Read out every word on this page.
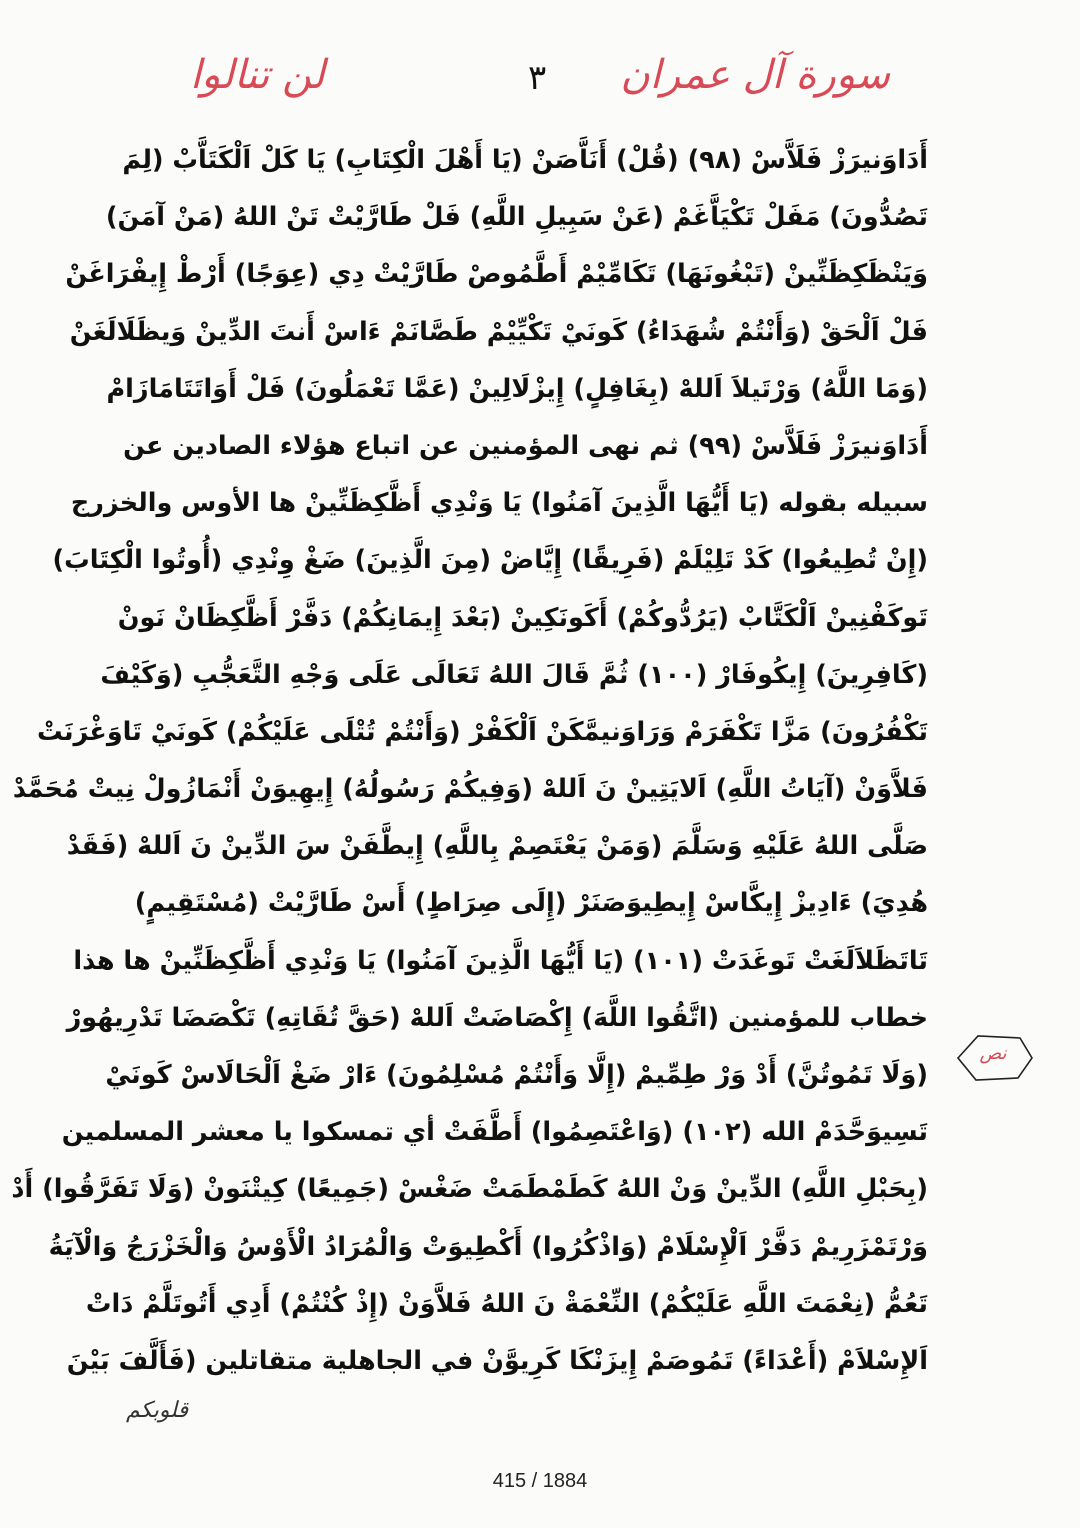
سورة آل عمران
٣
لن تنالوا
أَدَاوَنيرَزْ فَلَاَّسْ (٩٨) (قُلْ) أَنَاَّصَنْ (يَا أَهْلَ الْكِتَابِ) يَا كَلْ اَلْكَتَاَّبْ (لِمَ
تَصُدُّونَ) مَفَلْ تَكْيَاَّغَمْ (عَنْ سَبِيلِ اللَّهِ) فَلْ طَارَّيْتْ تَنْ اللهُ (مَنْ آمَنَ)
وَيَنْظَكِظَنِّينْ (تَبْغُونَهَا) تَكَامِّيْمْ أَطَّمُوصْ طَارَّيْتْ دِي (عِوَجًا) أَرْطْ إِيفْرَاغَنْ
فَلْ اَلْحَقْ (وَأَنْتُمْ شُهَدَاءُ) كَونَيْ تَكْيِّيْمْ طَصَّانَمْ ءَاسْ أَنتَ الدِّينْ وَيظَلَالَغَنْ
(وَمَا اللَّهُ) وَرْتَيلاَ اَللهْ (بِغَافِلٍ) إِيزْلَالِينْ (عَمَّا تَعْمَلُونَ) فَلْ أَوَاتَتَامَازَامْ
أَدَاوَنيرَزْ فَلَاَّسْ (٩٩) ثم نهى المؤمنين عن اتباع هؤلاء الصادين عن
سبيله بقوله (يَا أَيُّهَا الَّذِينَ آمَنُوا) يَا وَنْدِي أَظَّكِظَنِّينْ ها الأوس والخزرج
(إِنْ تُطِيعُوا) كَدْ تَلِيْلَمْ (فَرِيقًا) إِيَّاضْ (مِنَ الَّذِينَ) ضَغْ وِنْدِي (أُوتُوا الْكِتَابَ)
تَوكَفْنِينْ اَلْكَتَّابْ (يَرُدُّوكُمْ) أَكَونَكِينْ (بَعْدَ إِيمَانِكُمْ) دَفَّرْ أَظَّكِظَانْ نَونْ
(كَافِرِينَ) إِيكُوفَارْ (١٠٠) ثُمَّ قَالَ اللهُ تَعَالَى عَلَى وَجْهِ التَّعَجُّبِ (وَكَيْفَ
تَكْفُرُونَ) مَزَّا تَكْفَرَمْ وَرَاوَنيمَّكَنْ اَلْكَفْرْ (وَأَنْتُمْ تُتْلَى عَلَيْكُمْ) كَونَيْ تَاوَغْرَنَتْ
فَلاَّوَنْ (آيَاتُ اللَّهِ) اَلايَتِينْ نَ اَللهْ (وَفِيكُمْ رَسُولُهُ) إِيهِيوَنْ أَنْمَازُولْ نِيتْ مُحَمَّدْ
صَلَّى اللهُ عَلَيْهِ وَسَلَّمَ (وَمَنْ يَعْتَصِمْ بِاللَّهِ) إِيطَّفَنْ سَ الدِّينْ نَ اَللهْ (فَقَدْ
هُدِيَ) ءَادِيزْ إِيكَّاسْ إِيطِيوَصَنَرْ (إِلَى صِرَاطٍ) أَسْ طَارَّيْتْ (مُسْتَقِيمٍ)
تَاتَظَلاَلَغَتْ تَوغَدَتْ (١٠١) (يَا أَيُّهَا الَّذِينَ آمَنُوا) يَا وَنْدِي أَظَّكِظَنِّينْ ها هذا
خطاب للمؤمنين (اتَّقُوا اللَّهَ) إِكْصَاضَتْ اَللهْ (حَقَّ تُقَاتِهِ) تَكْصَضَا تَدْرِيهُورْ
(وَلَا تَمُوتُنَّ) أَدْ وَرْ طِمِّيمْ (إِلَّا وَأَنْتُمْ مُسْلِمُونَ) ءَارْ ضَغْ اَلْحَالَاسْ كَونَيْ
تَسِيوَحَّدَمْ الله (١٠٢) (وَاعْتَصِمُوا) أَطَّفَتْ أي تمسكوا يا معشر المسلمين
(بِحَبْلِ اللَّهِ) الدِّينْ وَنْ اللهُ كَطَمْطَمَتْ ضَغْسْ (جَمِيعًا) كِيتْنَونْ (وَلَا تَفَرَّقُوا) أَدْ
وَرْتَمْزَرِيمْ دَفَّرْ اَلْإِسْلَامْ (وَاذْكُرُوا) أَكْطِيوَتْ وَالْمُرَادُ الْأَوْسُ وَالْخَزْرَجُ وَالْآيَةُ
تَعُمُّ (نِعْمَتَ اللَّهِ عَلَيْكُمْ) النِّعْمَةْ نَ اللهُ فَلاَّوَنْ (إِذْ كُنْتُمْ) أَدِي أَتُوتَلَّمْ دَاتْ
اَلإِسْلاَمْ (أَعْدَاءً) تَمُوصَمْ إِيزَنْكَا كَرِيوَّنْ في الجاهلية متقاتلين (فَأَلَّفَ بَيْنَ
نص
قلوبكم
415 / 1884
